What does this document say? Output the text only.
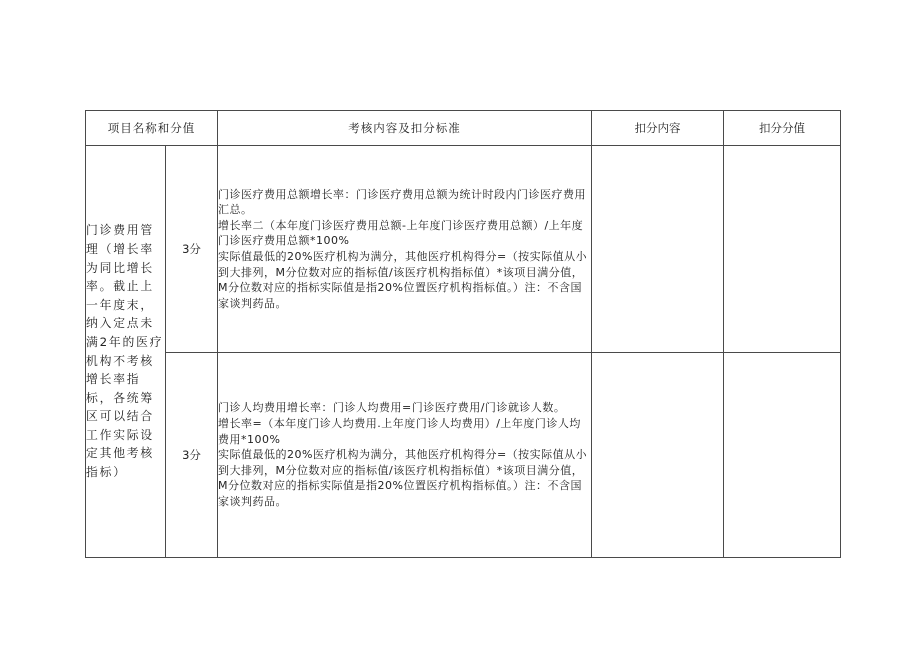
项目名称和分值		考核内容及扣分标准	扣分内容	扣分分值
门诊费用管理（增长率为同比增长率。截止上一年度末，纳入定点未满2年的医疗机构不考核增长率指标，各统筹区可以结合工作实际设定其他考核指标）	3分	门诊医疗费用总额增长率：门诊医疗费用总额为统计时段内门诊医疗费用汇总。

增长率二（本年度门诊医疗费用总额-上年度门诊医疗费用总额）/上年度门诊医疗费用总额*100%

实际值最低的20%医疗机构为满分，其他医疗机构得分=（按实际值从小到大排列，M分位数对应的指标值/该医疗机构指标值）*该项目满分值，M分位数对应的指标实际值是指20%位置医疗机构指标值。）注：不含国家谈判药品。		

	3分	门诊人均费用增长率：门诊人均费用=门诊医疗费用/门诊就诊人数。

增长率=（本年度门诊人均费用.上年度门诊人均费用）/上年度门诊人均费用*100%

实际值最低的20%医疗机构为满分，其他医疗机构得分=（按实际值从小到大排列，M分位数对应的指标值/该医疗机构指标值）*该项目满分值，M分位数对应的指标实际值是指20%位置医疗机构指标值。）注：不含国家谈判药品。		
